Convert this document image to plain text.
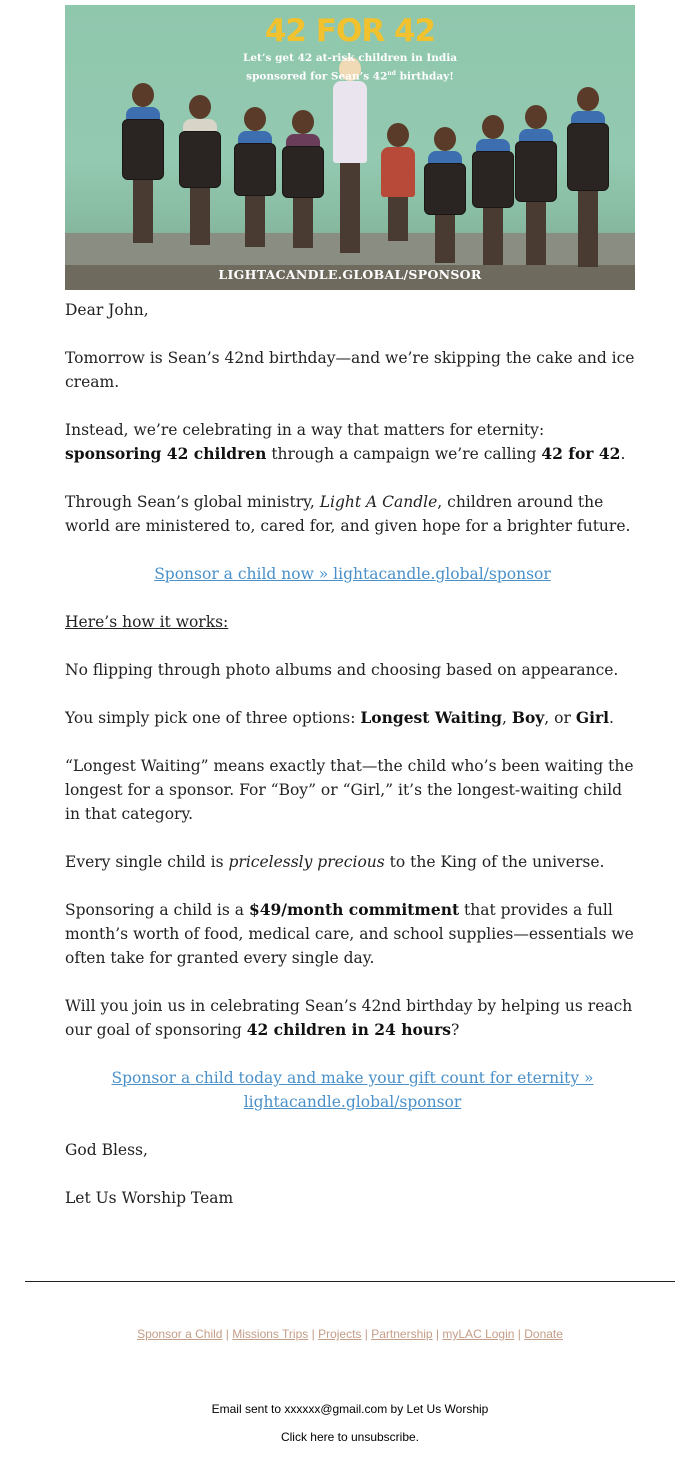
42 FOR 42
Let’s get 42 at-risk children in India
sponsored for Sean’s 42nd birthday!
LIGHTACANDLE.GLOBAL/SPONSOR

Dear John,

Tomorrow is Sean’s 42nd birthday—and we’re skipping the cake and ice cream.

Instead, we’re celebrating in a way that matters for eternity: sponsoring 42 children through a campaign we’re calling 42 for 42.

Through Sean’s global ministry, Light A Candle, children around the world are ministered to, cared for, and given hope for a brighter future.

Sponsor a child now » lightacandle.global/sponsor

Here’s how it works:

No flipping through photo albums and choosing based on appearance.

You simply pick one of three options: Longest Waiting, Boy, or Girl.

“Longest Waiting” means exactly that—the child who’s been waiting the longest for a sponsor. For “Boy” or “Girl,” it’s the longest-waiting child in that category.

Every single child is pricelessly precious to the King of the universe.

Sponsoring a child is a $49/month commitment that provides a full month’s worth of food, medical care, and school supplies—essentials we often take for granted every single day.

Will you join us in celebrating Sean’s 42nd birthday by helping us reach our goal of sponsoring 42 children in 24 hours?

Sponsor a child today and make your gift count for eternity »
lightacandle.global/sponsor

God Bless,

Let Us Worship Team

Sponsor a Child | Missions Trips | Projects | Partnership | myLAC Login | Donate
Email sent to xxxxxx@gmail.com by Let Us Worship
Click here to unsubscribe.
